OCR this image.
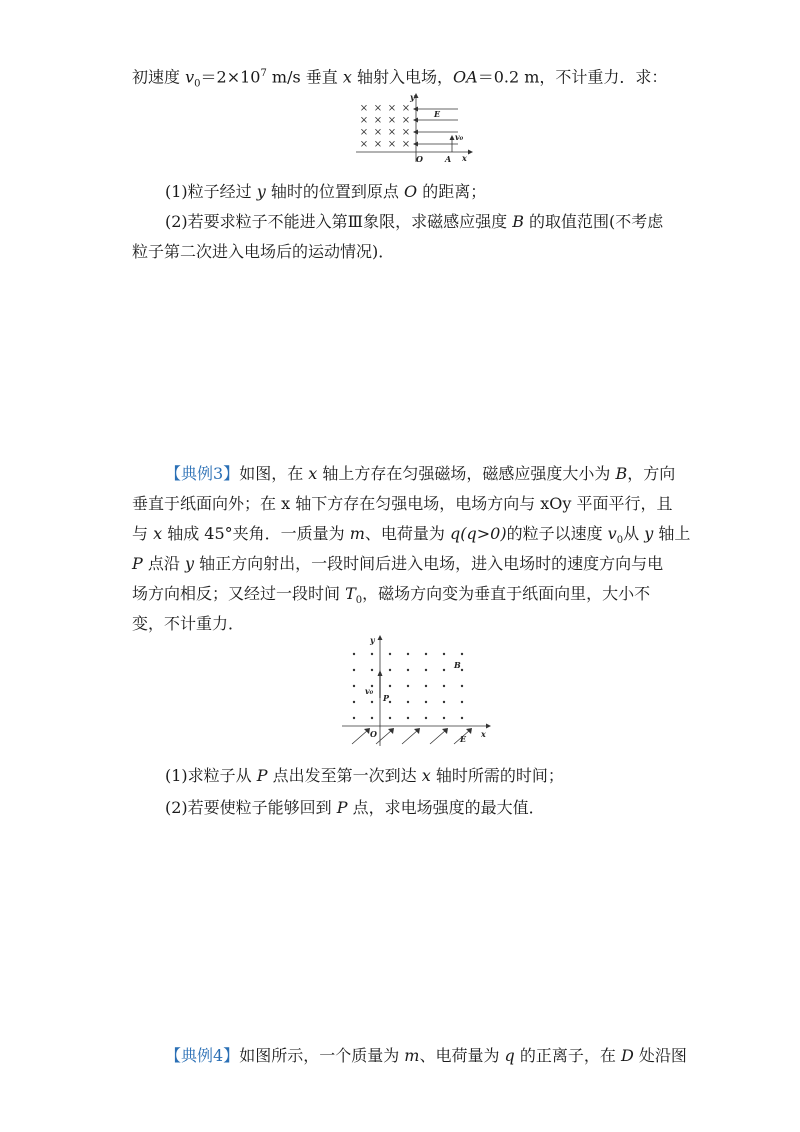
初速度 $v_0=2\times 10^7$ m/s 垂直 x 轴射入电场，OA＝0.2 m，不计重力．求：
× × × ×
× × × ×
× × × ×
× × × ×
y
E
v₀
O	A x
(1)粒子经过 y 轴时的位置到原点 O 的距离；
(2)若要求粒子不能进入第Ⅲ象限，求磁感应强度 B 的取值范围(不考虑
粒子第二次进入电场后的运动情况)．
【典例3】如图，在 x 轴上方存在匀强磁场，磁感应强度大小为 B，方向
垂直于纸面向外；在 x 轴下方存在匀强电场，电场方向与 xOy 平面平行，且
与 x 轴成 45°夹角．一质量为 m、电荷量为 q(q>0)的粒子以速度 $v_0$从 y 轴上
P 点沿 y 轴正方向射出，一段时间后进入电场，进入电场时的速度方向与电
场方向相反；又经过一段时间 $T_0$，磁场方向变为垂直于纸面向里，大小不
变，不计重力．
y
B
v₀
P
O	E x
(1)求粒子从 P 点出发至第一次到达 x 轴时所需的时间；
(2)若要使粒子能够回到 P 点，求电场强度的最大值．
【典例4】如图所示，一个质量为 m、电荷量为 q 的正离子，在 D 处沿图
